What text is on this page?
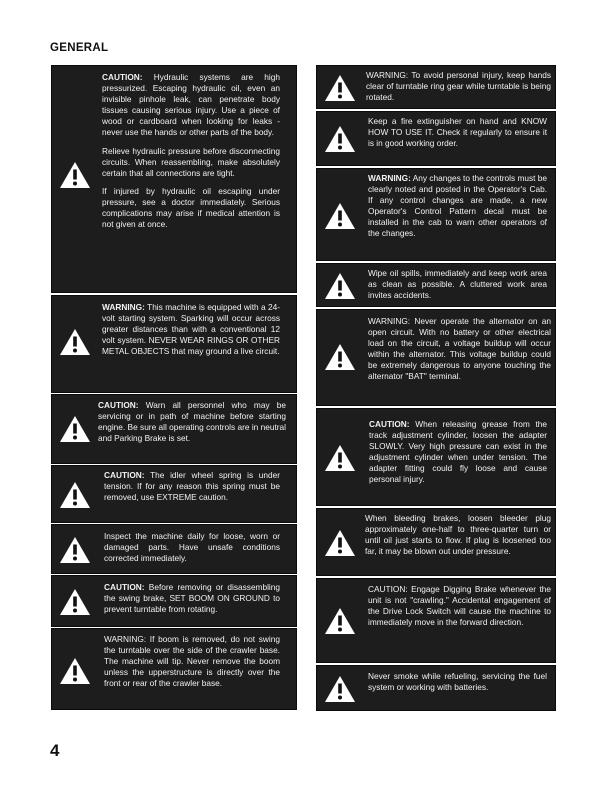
GENERAL

CAUTION: Hydraulic systems are high pressurized. Escaping hydraulic oil, even an invisible pinhole leak, can penetrate body tissues causing serious injury. Use a piece of wood or cardboard when looking for leaks - never use the hands or other parts of the body.

Relieve hydraulic pressure before disconnecting circuits. When reassembling, make absolutely certain that all connections are tight.

If injured by hydraulic oil escaping under pressure, see a doctor immediately. Serious complications may arise if medical attention is not given at once.

WARNING: This machine is equipped with a 24-volt starting system. Sparking will occur across greater distances than with a conventional 12 volt system. NEVER WEAR RINGS OR OTHER METAL OBJECTS that may ground a live circuit.

CAUTION: Warn all personnel who may be servicing or in path of machine before starting engine. Be sure all operating controls are in neutral and Parking Brake is set.

CAUTION: The idler wheel spring is under tension. If for any reason this spring must be removed, use EXTREME caution.

Inspect the machine daily for loose, worn or damaged parts. Have unsafe conditions corrected immediately.

CAUTION: Before removing or disassembling the swing brake, SET BOOM ON GROUND to prevent turntable from rotating.

WARNING: If boom is removed, do not swing the turntable over the side of the crawler base. The machine will tip. Never remove the boom unless the upperstructure is directly over the front or rear of the crawler base.

WARNING: To avoid personal injury, keep hands clear of turntable ring gear while turntable is being rotated.

Keep a fire extinguisher on hand and KNOW HOW TO USE IT. Check it regularly to ensure it is in good working order.

WARNING: Any changes to the controls must be clearly noted and posted in the Operator's Cab. If any control changes are made, a new Operator's Control Pattern decal must be installed in the cab to warn other operators of the changes.

Wipe oil spills, immediately and keep work area as clean as possible. A cluttered work area invites accidents.

WARNING: Never operate the alternator on an open circuit. With no battery or other electrical load on the circuit, a voltage buildup will occur within the alternator. This voltage buildup could be extremely dangerous to anyone touching the alternator "BAT" terminal.

CAUTION: When releasing grease from the track adjustment cylinder, loosen the adapter SLOWLY. Very high pressure can exist in the adjustment cylinder when under tension. The adapter fitting could fly loose and cause personal injury.

When bleeding brakes, loosen bleeder plug approximately one-half to three-quarter turn or until oil just starts to flow. If plug is loosened too far, it may be blown out under pressure.

CAUTION: Engage Digging Brake whenever the unit is not "crawling." Accidental engagement of the Drive Lock Switch will cause the machine to immediately move in the forward direction.

Never smoke while refueling, servicing the fuel system or working with batteries.

4
